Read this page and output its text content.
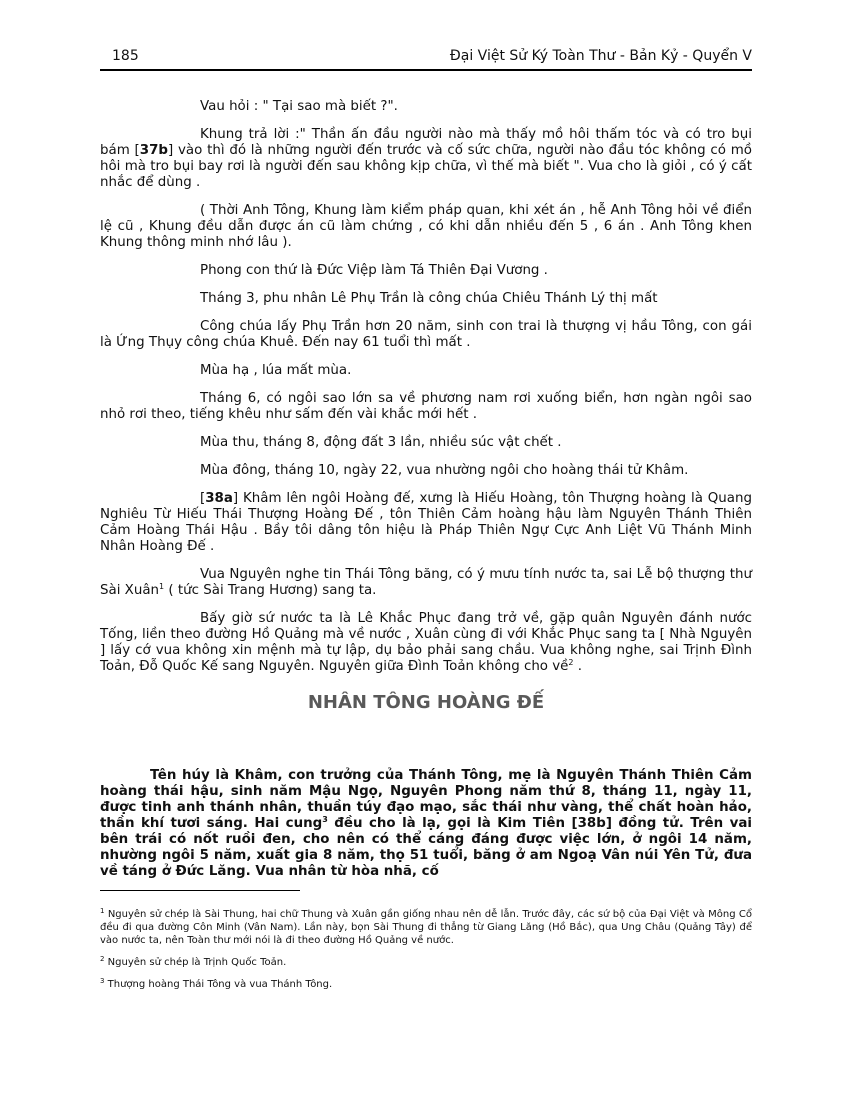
185	Đại Việt Sử Ký Toàn Thư - Bản Kỷ - Quyển V

Vau hỏi : " Tại sao mà biết ?".

Khung trả lời :" Thần ấn đầu người nào mà thấy mồ hôi thấm tóc và có tro bụi bám [37b] vào thì đó là những người đến trước và cố sức chữa, người nào đầu tóc không có mồ hôi mà tro bụi bay rơi là người đến sau không kịp chữa, vì thế mà biết ". Vua cho là giỏi , có ý cất nhắc để dùng .

( Thời Anh Tông, Khung làm kiểm pháp quan, khi xét án , hễ Anh Tông hỏi về điển lệ cũ , Khung đều dẫn được án cũ làm chứng , có khi dẫn nhiều đến 5 , 6 án . Anh Tông khen Khung thông minh nhớ lâu ).

Phong con thứ là Đức Việp làm Tá Thiên Đại Vương .

Tháng 3, phu nhân Lê Phụ Trần là công chúa Chiêu Thánh Lý thị mất

Công chúa lấy Phụ Trần hơn 20 năm, sinh con trai là thượng vị hầu Tông, con gái là Ứng Thụy công chúa Khuê. Đến nay 61 tuổi thì mất .

Mùa hạ , lúa mất mùa.

Tháng 6, có ngôi sao lớn sa về phương nam rơi xuống biển, hơn ngàn ngôi sao nhỏ rơi theo, tiếng khêu như sấm đến vài khắc mới hết .

Mùa thu, tháng 8, động đất 3 lần, nhiều súc vật chết .

Mùa đông, tháng 10, ngày 22, vua nhường ngôi cho hoàng thái tử Khâm.

[38a] Khâm lên ngôi Hoàng đế, xưng là Hiếu Hoàng, tôn Thượng hoàng là Quang Nghiêu Từ Hiếu Thái Thượng Hoàng Đế , tôn Thiên Cảm hoàng hậu làm Nguyên Thánh Thiên Cảm Hoàng Thái Hậu . Bầy tôi dâng tôn hiệu là Pháp Thiên Ngự Cực Anh Liệt Vũ Thánh Minh Nhân Hoàng Đế .

Vua Nguyên nghe tin Thái Tông băng, có ý mưu tính nước ta, sai Lễ bộ thượng thư Sài Xuân$^1$ ( tức Sài Trang Hương) sang ta.

Bấy giờ sứ nước ta là Lê Khắc Phục đang trở về, gặp quân Nguyên đánh nước Tống, liền theo đường Hồ Quảng mà về nước , Xuân cùng đi với Khắc Phục sang ta [ Nhà Nguyên ] lấy cớ vua không xin mệnh mà tự lập, dụ bảo phải sang chầu. Vua không nghe, sai Trịnh Đình Toản, Đỗ Quốc Kế sang Nguyên. Nguyên giữa Đình Toản không cho về$^2$ .

NHÂN TÔNG HOÀNG ĐẾ

Tên húy là Khâm, con trưởng của Thánh Tông, mẹ là Nguyên Thánh Thiên Cảm hoàng thái hậu, sinh năm Mậu Ngọ, Nguyên Phong năm thứ 8, tháng 11, ngày 11, được tinh anh thánh nhân, thuần túy đạo mạo, sắc thái như vàng, thể chất hoàn hảo, thần khí tươi sáng. Hai cung$^3$ đều cho là lạ, gọi là Kim Tiên [38b] đồng tử. Trên vai bên trái có nốt ruồi đen, cho nên có thể cáng đáng được việc lớn, ở ngôi 14 năm, nhường ngôi 5 năm, xuất gia 8 năm, thọ 51 tuổi, băng ở am Ngoạ Vân núi Yên Tử, đưa về táng ở Đức Lăng. Vua nhân từ hòa nhã, cố

$^1$ Nguyên sử chép là Sài Thung, hai chữ Thung và Xuân gần giống nhau nên dễ lẫn. Trước đây, các sứ bộ của Đại Việt và Mông Cổ đều đi qua đường Côn Minh (Vân Nam). Lần này, bọn Sài Thung đi thẳng từ Giang Lăng (Hồ Bắc), qua Ung Châu (Quảng Tây) để vào nước ta, nên Toàn thư mới nói là đi theo đường Hồ Quảng về nước.

$^2$ Nguyên sử chép là Trịnh Quốc Toản.

$^3$ Thượng hoàng Thái Tông và vua Thánh Tông.
